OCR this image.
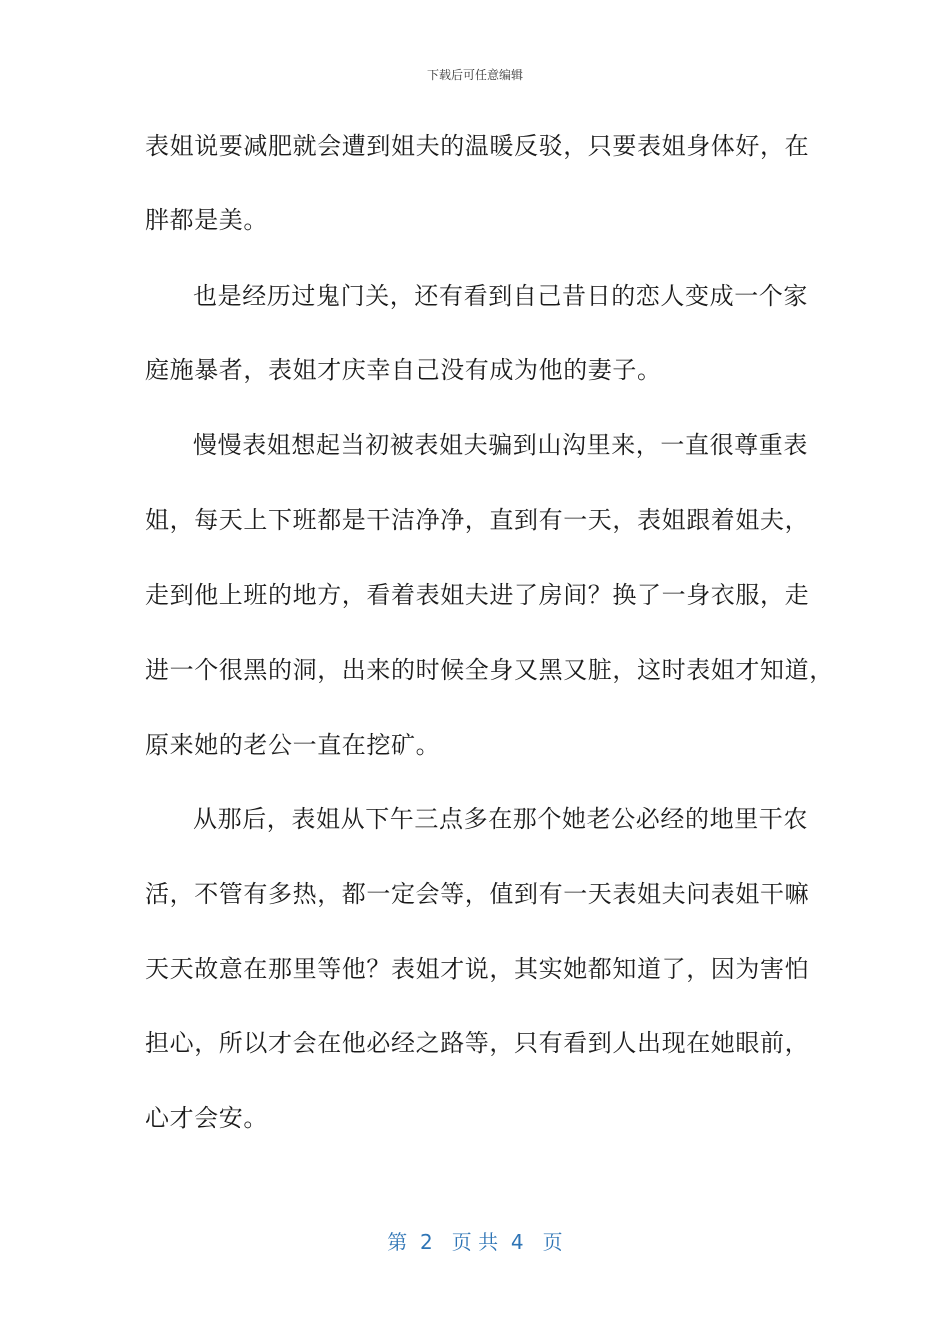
下载后可任意编辑
表姐说要减肥就会遭到姐夫的温暖反驳，只要表姐身体好，在
胖都是美。
也是经历过鬼门关，还有看到自己昔日的恋人变成一个家
庭施暴者，表姐才庆幸自己没有成为他的妻子。
慢慢表姐想起当初被表姐夫骗到山沟里来，一直很尊重表
姐，每天上下班都是干洁净净，直到有一天，表姐跟着姐夫，
走到他上班的地方，看着表姐夫进了房间？换了一身衣服，走
进一个很黑的洞，出来的时候全身又黑又脏，这时表姐才知道，
原来她的老公一直在挖矿。
从那后，表姐从下午三点多在那个她老公必经的地里干农
活，不管有多热，都一定会等，值到有一天表姐夫问表姐干嘛
天天故意在那里等他？表姐才说，其实她都知道了，因为害怕
担心，所以才会在他必经之路等，只有看到人出现在她眼前，
心才会安。
第  2   页 共  4   页
